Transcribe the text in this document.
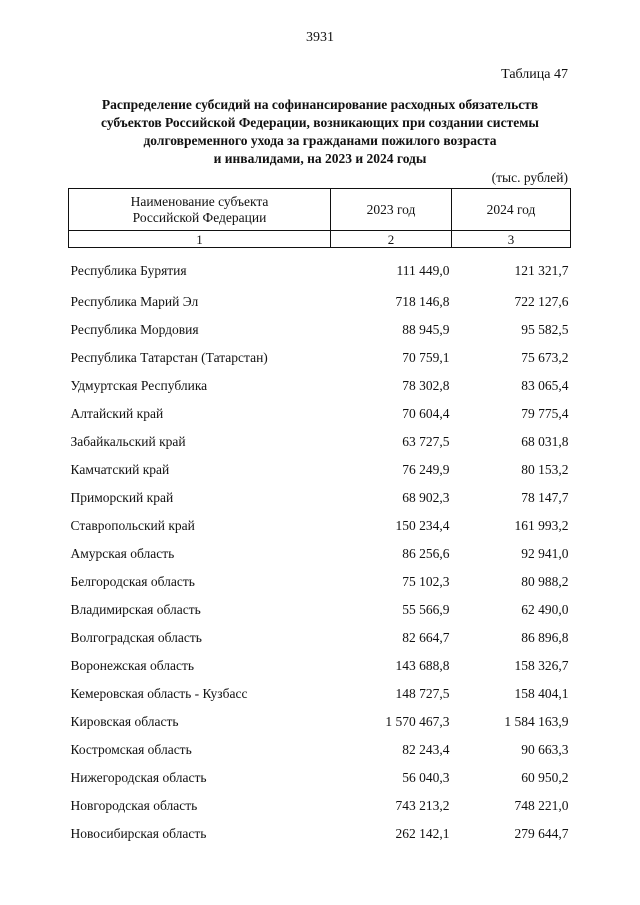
3931
Таблица 47
Распределение субсидий на софинансирование расходных обязательств
субъектов Российской Федерации, возникающих при создании системы
долговременного ухода за гражданами пожилого возраста
и инвалидами, на 2023 и 2024 годы
(тыс. рублей)
Наименование субъекта
Российской Федерации	2023 год	2024 год
1	2	3
Республика Бурятия	111 449,0	121 321,7
Республика Марий Эл	718 146,8	722 127,6
Республика Мордовия	88 945,9	95 582,5
Республика Татарстан (Татарстан)	70 759,1	75 673,2
Удмуртская Республика	78 302,8	83 065,4
Алтайский край	70 604,4	79 775,4
Забайкальский край	63 727,5	68 031,8
Камчатский край	76 249,9	80 153,2
Приморский край	68 902,3	78 147,7
Ставропольский край	150 234,4	161 993,2
Амурская область	86 256,6	92 941,0
Белгородская область	75 102,3	80 988,2
Владимирская область	55 566,9	62 490,0
Волгоградская область	82 664,7	86 896,8
Воронежская область	143 688,8	158 326,7
Кемеровская область - Кузбасс	148 727,5	158 404,1
Кировская область	1 570 467,3	1 584 163,9
Костромская область	82 243,4	90 663,3
Нижегородская область	56 040,3	60 950,2
Новгородская область	743 213,2	748 221,0
Новосибирская область	262 142,1	279 644,7
